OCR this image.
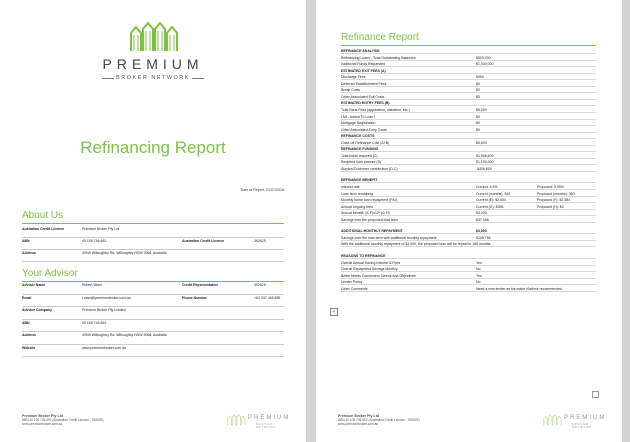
PREMIUM
BROKER NETWORK
Refinancing Report
Date of Report: 21/07/2018
About Us
Australian Credit Licence	Premium Broker Pty Ltd
ABN	40 105 746 692	Australian Credit Licence	392625
Address	4/549 Willoughby Rd, Willoughby NSW 2068, Australia
Your Advisor
Adviser Name	Robert Ward	Credit Representative	392625
Email	r.ward@premiumbroker.com.au	Phone Number	+61 437 448 655
Advisor Company	Premium Broker Pty Limited
ABN	40 105 746 692
Address	4/549 Willoughby Rd, Willoughby NSW 2068, Australia
Website	www.premiumbroker.com.au
Premium Broker Pty Ltd
ABN 40 105 746 692 (Australian Credit Licence - 392625)
www.premiumbroker.com.au
PREMIUM
BROKER NETWORK
Refinance Report
REFINANCE ANALYSIS
Refinancing Loans - Total Outstanding Balances	$500,000
Additional Funds Requested	$1,000,000
ESTIMATED EXIT FEES (A)
Discharge Fees	$950
Deferred Establishment Fees	$0
Break Costs	$0
Other Associated Exit Costs	$0
ESTIMATED ENTRY FEES (B)
Total Bank Fees (application, valuation, etc.)	$5,259
LMI - Added To Loan?	$0
Mortgage Registration	$0
Other Associated Entry Costs	$0
REFINANCE COSTS
Once-off Refinance Cost (A+B)	$6,609
REFINANCE FUNDING
Total funds required (C)	$1,506,609
Required loan amount (D)	$1,100,000
Surplus/Customer contribution (D-C)	-$406,609
REFINANCE BENEFIT
Interest rate	Current: 4.9%	Proposed: 3.99%
Loan term remaining	Current (months): 360	Proposed (months): 360
Monthly home loan repayment (P&I)	Current (E): $2,654	Proposed (F): $2,384
Annual ongoing fees	Current (G): $395	Proposed (H): $0
Annual benefit: (E-F)x12+(G-H)	$3,233
Savings over the proposed loan term	$37,068
ADDITIONAL MONTHLY REPAYMENT	$3,500
Savings over the loan term with additional monthly repayment	$205,765
With the additional monthly repayment of $3,500, the proposed loan will be repaid in 168 months.
REASONS TO REFINANCE
Overall Annual Saving Interest & Fees	Yes
Overall Repayment Savings Monthly	No
Better Meets Consumers' Needs And Objectives	Yes
Lender Policy	No
Other Comments	Need a new lender as his make Vladimir recommended.
+
Premium Broker Pty Ltd
ABN 40 105 746 692 (Australian Credit Licence - 392625)
www.premiumbroker.com.au
PREMIUM
BROKER NETWORK
